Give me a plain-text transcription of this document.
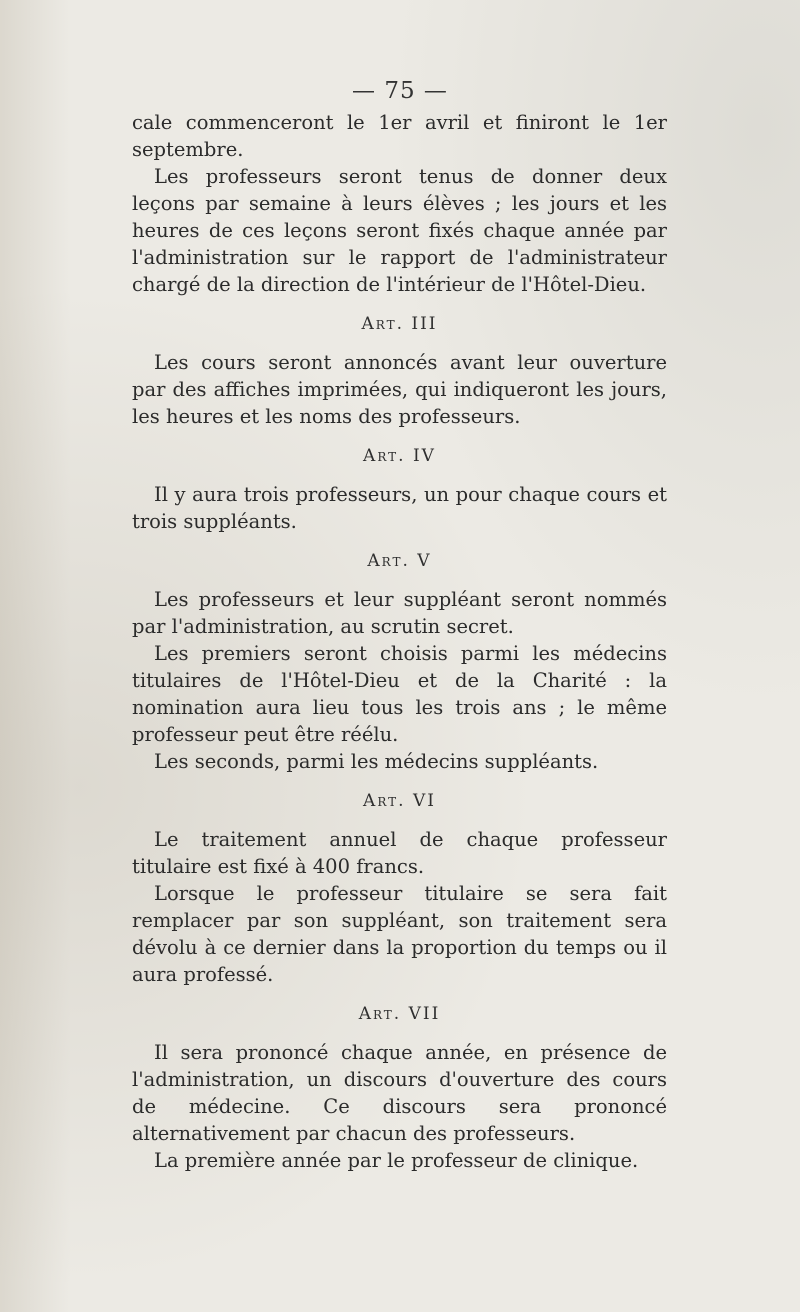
— 75 —

cale commenceront le 1er avril et finiront le 1er septembre.

Les professeurs seront tenus de donner deux leçons par semaine à leurs élèves ; les jours et les heures de ces leçons seront fixés chaque année par l'administration sur le rapport de l'administrateur chargé de la direction de l'intérieur de l'Hôtel-Dieu.

Art. III

Les cours seront annoncés avant leur ouverture par des affiches imprimées, qui indiqueront les jours, les heures et les noms des professeurs.

Art. IV

Il y aura trois professeurs, un pour chaque cours et trois suppléants.

Art. V

Les professeurs et leur suppléant seront nommés par l'administration, au scrutin secret.

Les premiers seront choisis parmi les médecins titulaires de l'Hôtel-Dieu et de la Charité : la nomination aura lieu tous les trois ans ; le même professeur peut être réélu.

Les seconds, parmi les médecins suppléants.

Art. VI

Le traitement annuel de chaque professeur titulaire est fixé à 400 francs.

Lorsque le professeur titulaire se sera fait remplacer par son suppléant, son traitement sera dévolu à ce dernier dans la proportion du temps ou il aura professé.

Art. VII

Il sera prononcé chaque année, en présence de l'administration, un discours d'ouverture des cours de médecine. Ce discours sera prononcé alternativement par chacun des professeurs.

La première année par le professeur de clinique.
